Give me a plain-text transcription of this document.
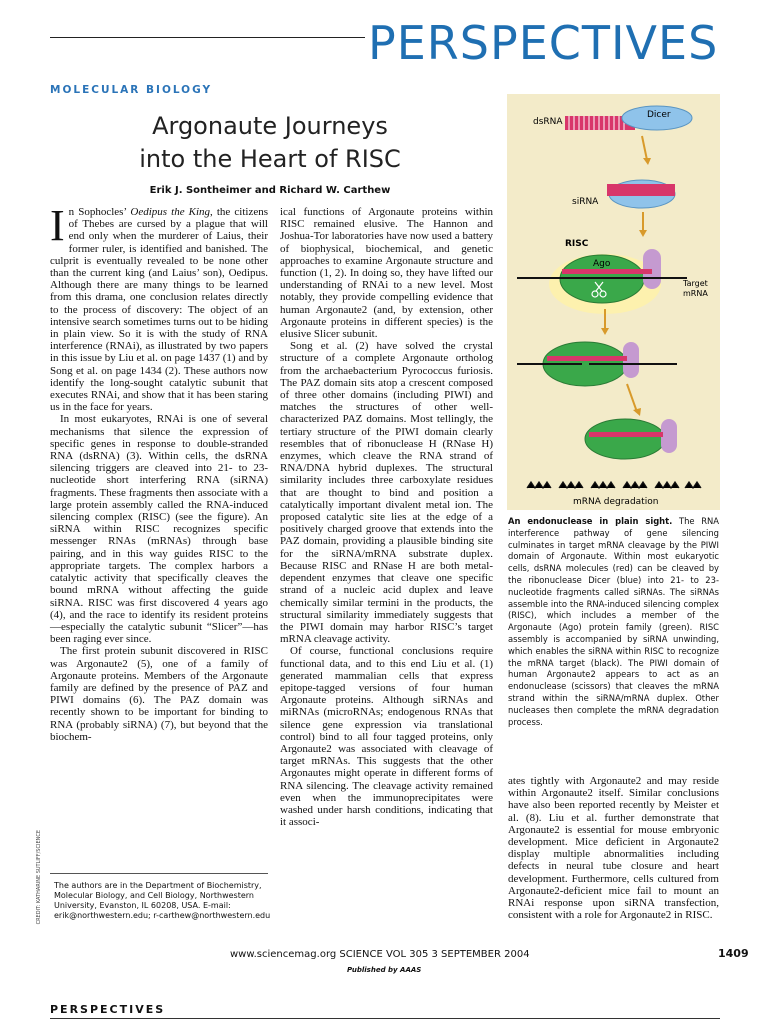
PERSPECTIVES
MOLECULAR BIOLOGY
Argonaute Journeys
into the Heart of RISC
Erik J. Sontheimer and Richard W. Carthew

In Sophocles’ Oedipus the King, the citizens of Thebes are cursed by a plague that will end only when the murderer of Laius, their former ruler, is identified and banished. The culprit is eventually revealed to be none other than the current king (and Laius’ son), Oedipus. Although there are many things to be learned from this drama, one conclusion relates directly to the process of discovery: The object of an intensive search sometimes turns out to be hiding in plain view. So it is with the study of RNA interference (RNAi), as illustrated by two papers in this issue by Liu et al. on page 1437 (1) and by Song et al. on page 1434 (2). These authors now identify the long-sought catalytic subunit that executes RNAi, and show that it has been staring us in the face for years.

In most eukaryotes, RNAi is one of several mechanisms that silence the expression of specific genes in response to double-stranded RNA (dsRNA) (3). Within cells, the dsRNA silencing triggers are cleaved into 21- to 23-nucleotide short interfering RNA (siRNA) fragments. These fragments then associate with a large protein assembly called the RNA-induced silencing complex (RISC) (see the figure). An siRNA within RISC recognizes specific messenger RNAs (mRNAs) through base pairing, and in this way guides RISC to the appropriate targets. The complex harbors a catalytic activity that specifically cleaves the bound mRNA without affecting the guide siRNA. RISC was first discovered 4 years ago (4), and the race to identify its resident proteins—especially the catalytic subunit “Slicer”—has been raging ever since.

The first protein subunit discovered in RISC was Argonaute2 (5), one of a family of Argonaute proteins. Members of the Argonaute family are defined by the presence of PAZ and PIWI domains (6). The PAZ domain was recently shown to be important for binding to RNA (probably siRNA) (7), but beyond that the biochem-

The authors are in the Department of Biochemistry, Molecular Biology, and Cell Biology, Northwestern University, Evanston, IL 60208, USA. E-mail: erik@northwestern.edu; r-carthew@northwestern.edu
CREDIT: KATHARINE SUTLIFF/SCIENCE

ical functions of Argonaute proteins within RISC remained elusive. The Hannon and Joshua-Tor laboratories have now used a battery of biophysical, biochemical, and genetic approaches to examine Argonaute structure and function (1, 2). In doing so, they have lifted our understanding of RNAi to a new level. Most notably, they provide compelling evidence that human Argonaute2 (and, by extension, other Argonaute proteins in different species) is the elusive Slicer subunit.

Song et al. (2) have solved the crystal structure of a complete Argonaute ortholog from the archaebacterium Pyrococcus furiosis. The PAZ domain sits atop a crescent composed of three other domains (including PIWI) and matches the structures of other well-characterized PAZ domains. Most tellingly, the tertiary structure of the PIWI domain clearly resembles that of ribonuclease H (RNase H) enzymes, which cleave the RNA strand of RNA/DNA hybrid duplexes. The structural similarity includes three carboxylate residues that are thought to bind and position a catalytically important divalent metal ion. The proposed catalytic site lies at the edge of a positively charged groove that extends into the PAZ domain, providing a plausible binding site for the siRNA/mRNA substrate duplex. Because RISC and RNase H are both metal-dependent enzymes that cleave one specific strand of a nucleic acid duplex and leave chemically similar termini in the products, the structural similarity immediately suggests that the PIWI domain may harbor RISC’s target mRNA cleavage activity.

Of course, functional conclusions require functional data, and to this end Liu et al. (1) generated mammalian cells that express epitope-tagged versions of four human Argonaute proteins. Although siRNAs and miRNAs (microRNAs; endogenous RNAs that silence gene expression via translational control) bind to all four tagged proteins, only Argonaute2 was associated with cleavage of target mRNAs. This suggests that the other Argonautes might operate in different forms of RNA silencing. The cleavage activity remained even when the immunoprecipitates were washed under harsh conditions, indicating that it associ-

dsRNA
Dicer
siRNA
RISC
Ago
Target
mRNA
mRNA degradation
An endonuclease in plain sight. The RNA interference pathway of gene silencing culminates in target mRNA cleavage by the PIWI domain of Argonaute. Within most eukaryotic cells, dsRNA molecules (red) can be cleaved by the ribonuclease Dicer (blue) into 21- to 23-nucleotide fragments called siRNAs. The siRNAs assemble into the RNA-induced silencing complex (RISC), which includes a member of the Argonaute (Ago) protein family (green). RISC assembly is accompanied by siRNA unwinding, which enables the siRNA within RISC to recognize the mRNA target (black). The PIWI domain of human Argonaute2 appears to act as an endonuclease (scissors) that cleaves the mRNA strand within the siRNA/mRNA duplex. Other nucleases then complete the mRNA degradation process.

ates tightly with Argonaute2 and may reside within Argonaute2 itself. Similar conclusions have also been reported recently by Meister et al. (8). Liu et al. further demonstrate that Argonaute2 is essential for mouse embryonic development. Mice deficient in Argonaute2 display multiple abnormalities including defects in neural tube closure and heart development. Furthermore, cells cultured from Argonaute2-deficient mice fail to mount an RNAi response upon siRNA transfection, consistent with a role for Argonaute2 in RISC.

www.sciencemag.org SCIENCE VOL 305 3 SEPTEMBER 2004
Published by AAAS
1409
PERSPECTIVES
